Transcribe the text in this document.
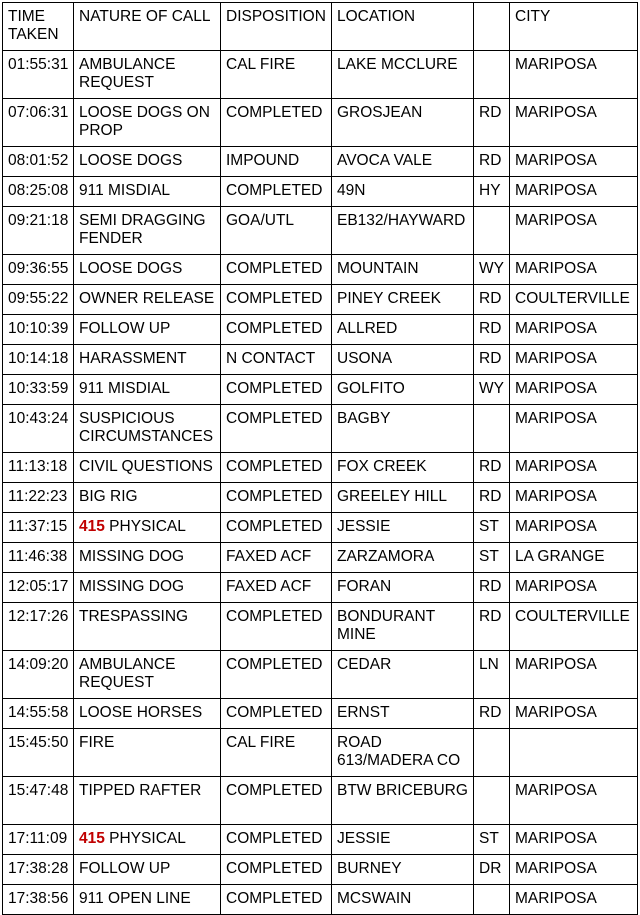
TIME TAKEN	NATURE OF CALL	DISPOSITION	LOCATION		CITY
01:55:31	AMBULANCE REQUEST	CAL FIRE	LAKE MCCLURE		MARIPOSA
07:06:31	LOOSE DOGS ON PROP	COMPLETED	GROSJEAN	RD	MARIPOSA
08:01:52	LOOSE DOGS	IMPOUND	AVOCA VALE	RD	MARIPOSA
08:25:08	911 MISDIAL	COMPLETED	49N	HY	MARIPOSA
09:21:18	SEMI DRAGGING FENDER	GOA/UTL	EB132/HAYWARD		MARIPOSA
09:36:55	LOOSE DOGS	COMPLETED	MOUNTAIN	WY	MARIPOSA
09:55:22	OWNER RELEASE	COMPLETED	PINEY CREEK	RD	COULTERVILLE
10:10:39	FOLLOW UP	COMPLETED	ALLRED	RD	MARIPOSA
10:14:18	HARASSMENT	N CONTACT	USONA	RD	MARIPOSA
10:33:59	911 MISDIAL	COMPLETED	GOLFITO	WY	MARIPOSA
10:43:24	SUSPICIOUS CIRCUMSTANCES	COMPLETED	BAGBY		MARIPOSA
11:13:18	CIVIL QUESTIONS	COMPLETED	FOX CREEK	RD	MARIPOSA
11:22:23	BIG RIG	COMPLETED	GREELEY HILL	RD	MARIPOSA
11:37:15	415 PHYSICAL	COMPLETED	JESSIE	ST	MARIPOSA
11:46:38	MISSING DOG	FAXED ACF	ZARZAMORA	ST	LA GRANGE
12:05:17	MISSING DOG	FAXED ACF	FORAN	RD	MARIPOSA
12:17:26	TRESPASSING	COMPLETED	BONDURANT MINE	RD	COULTERVILLE
14:09:20	AMBULANCE REQUEST	COMPLETED	CEDAR	LN	MARIPOSA
14:55:58	LOOSE HORSES	COMPLETED	ERNST	RD	MARIPOSA
15:45:50	FIRE	CAL FIRE	ROAD 613/MADERA CO		
15:47:48	TIPPED RAFTER	COMPLETED	BTW BRICEBURG		MARIPOSA
17:11:09	415 PHYSICAL	COMPLETED	JESSIE	ST	MARIPOSA
17:38:28	FOLLOW UP	COMPLETED	BURNEY	DR	MARIPOSA
17:38:56	911 OPEN LINE	COMPLETED	MCSWAIN		MARIPOSA
